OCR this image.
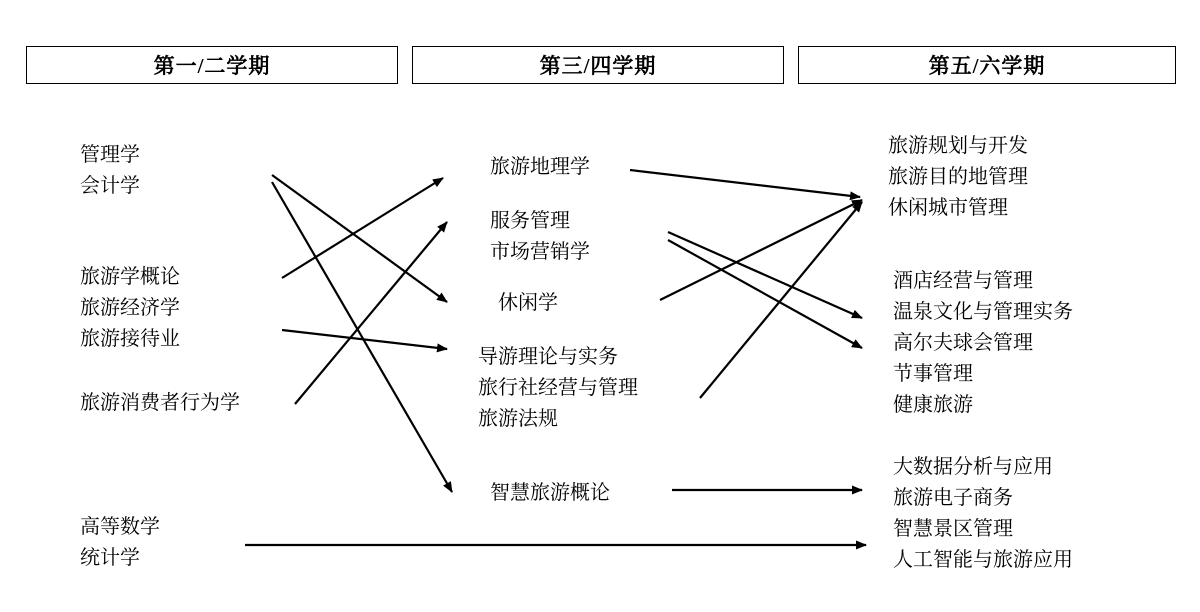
第一/二学期	第三/四学期	第五/六学期
管理学
会计学
旅游学概论
旅游经济学
旅游接待业
旅游消费者行为学
高等数学
统计学
旅游地理学
服务管理
市场营销学
休闲学
导游理论与实务
旅行社经营与管理
旅游法规
智慧旅游概论
旅游规划与开发
旅游目的地管理
休闲城市管理
酒店经营与管理
温泉文化与管理实务
高尔夫球会管理
节事管理
健康旅游
大数据分析与应用
旅游电子商务
智慧景区管理
人工智能与旅游应用
